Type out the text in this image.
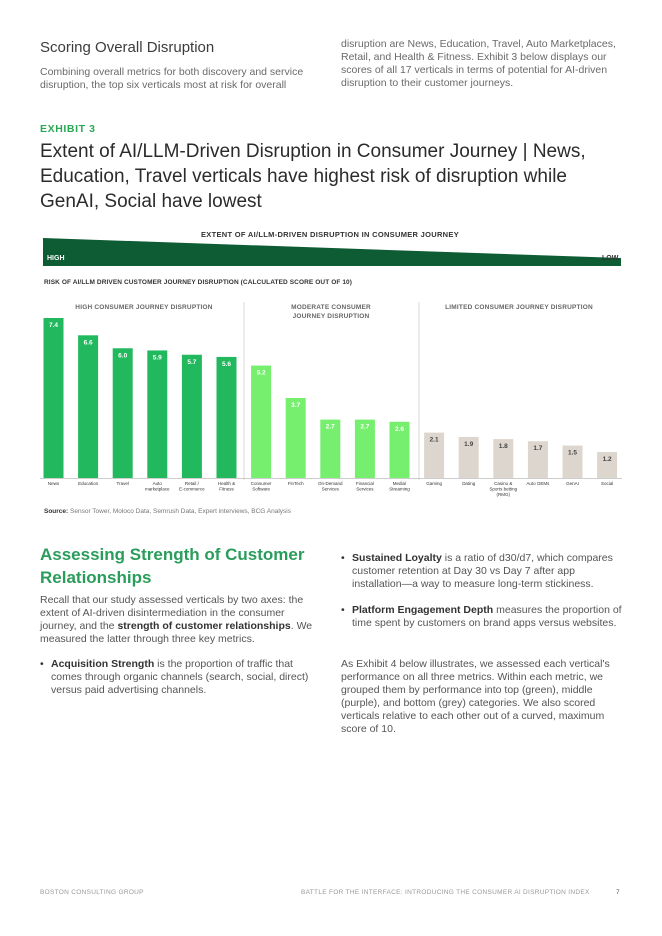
Scoring Overall Disruption
Combining overall metrics for both discovery and service disruption, the top six verticals most at risk for overall
disruption are News, Education, Travel, Auto Marketplaces, Retail, and Health & Fitness. Exhibit 3 below displays our scores of all 17 verticals in terms of potential for AI-driven disruption to their customer journeys.
EXHIBIT 3
Extent of AI/LLM-Driven Disruption in Consumer Journey | News, Education, Travel verticals have highest risk of disruption while GenAI, Social have lowest
EXTENT OF AI/LLM-DRIVEN DISRUPTION IN CONSUMER JOURNEY
HIGH	LOW
RISK OF AI/LLM DRIVEN CUSTOMER JOURNEY DISRUPTION (CALCULATED SCORE OUT OF 10)
HIGH CONSUMER JOURNEY DISRUPTION	MODERATE CONSUMER JOURNEY DISRUPTION
LIMITED CONSUMER JOURNEY DISRUPTION
7.4
News
6.6
Education
6.0
Travel
5.9
Auto marketplace
5.7
Retail / E-commerce
5.6
Health & Fitness
5.2
Consumer Software
3.7
FinTech
2.7
On-Demand Services
2.7
Financial Services
2.6
Media/ Streaming
2.1
Gaming
1.9
Dating
1.8
Casino & Sports betting (RMG)
1.7
Auto OEMs
1.5
GenAI
1.2
Social
Source: Sensor Tower, Moloco Data, Semrush Data, Expert interviews, BCG Analysis
Assessing Strength of Customer Relationships
Recall that our study assessed verticals by two axes: the extent of AI-driven disintermediation in the consumer journey, and the strength of customer relationships. We measured the latter through three key metrics.
• Acquisition Strength is the proportion of traffic that comes through organic channels (search, social, direct) versus paid advertising channels.
• Sustained Loyalty is a ratio of d30/d7, which compares customer retention at Day 30 vs Day 7 after app installation—a way to measure long-term stickiness.
• Platform Engagement Depth measures the proportion of time spent by customers on brand apps versus websites.
As Exhibit 4 below illustrates, we assessed each vertical's performance on all three metrics. Within each metric, we grouped them by performance into top (green), middle (purple), and bottom (grey) categories. We also scored verticals relative to each other out of a curved, maximum score of 10.
BOSTON CONSULTING GROUP	BATTLE FOR THE INTERFACE: INTRODUCING THE CONSUMER AI DISRUPTION INDEX	7
